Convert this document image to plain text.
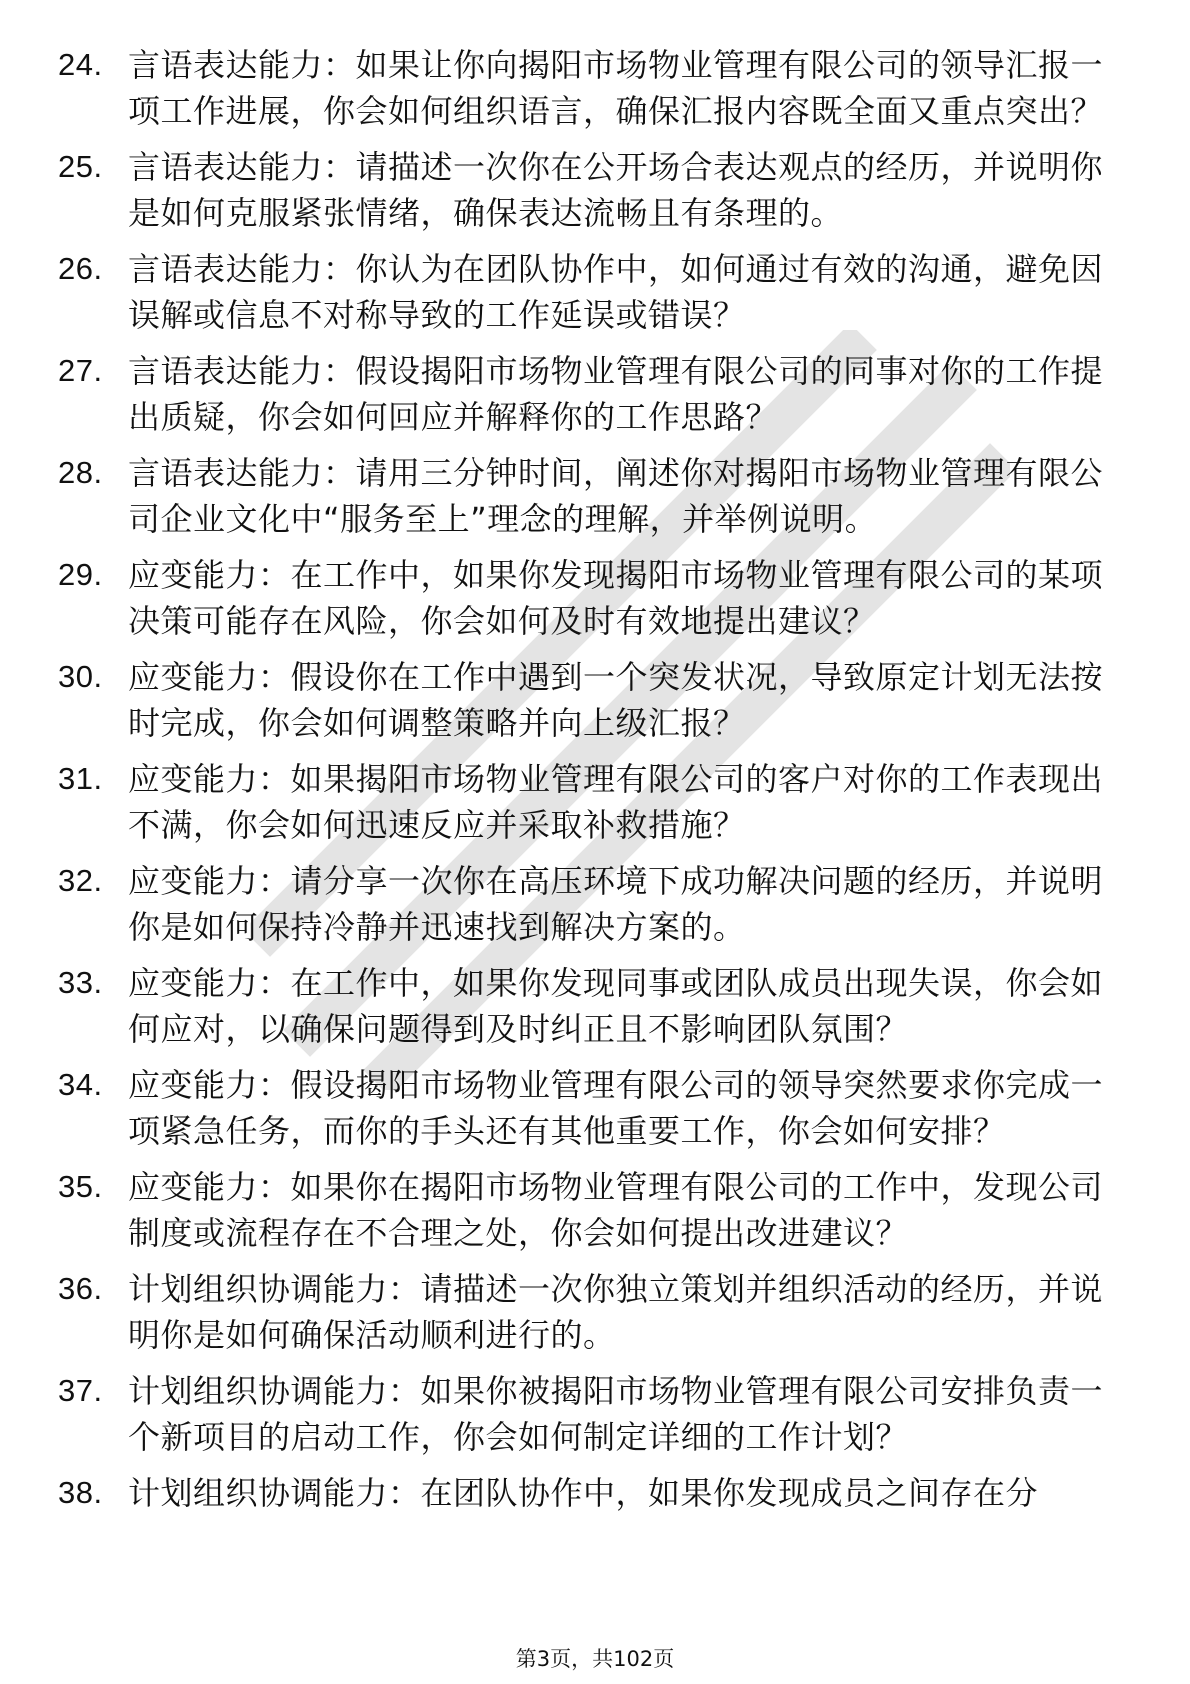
24. 言语表达能力：如果让你向揭阳市场物业管理有限公司的领导汇报一项工作进展，你会如何组织语言，确保汇报内容既全面又重点突出？
25. 言语表达能力：请描述一次你在公开场合表达观点的经历，并说明你是如何克服紧张情绪，确保表达流畅且有条理的。
26. 言语表达能力：你认为在团队协作中，如何通过有效的沟通，避免因误解或信息不对称导致的工作延误或错误？
27. 言语表达能力：假设揭阳市场物业管理有限公司的同事对你的工作提出质疑，你会如何回应并解释你的工作思路？
28. 言语表达能力：请用三分钟时间，阐述你对揭阳市场物业管理有限公司企业文化中“服务至上”理念的理解，并举例说明。
29. 应变能力：在工作中，如果你发现揭阳市场物业管理有限公司的某项决策可能存在风险，你会如何及时有效地提出建议？
30. 应变能力：假设你在工作中遇到一个突发状况，导致原定计划无法按时完成，你会如何调整策略并向上级汇报？
31. 应变能力：如果揭阳市场物业管理有限公司的客户对你的工作表现出不满，你会如何迅速反应并采取补救措施？
32. 应变能力：请分享一次你在高压环境下成功解决问题的经历，并说明你是如何保持冷静并迅速找到解决方案的。
33. 应变能力：在工作中，如果你发现同事或团队成员出现失误，你会如何应对，以确保问题得到及时纠正且不影响团队氛围？
34. 应变能力：假设揭阳市场物业管理有限公司的领导突然要求你完成一项紧急任务，而你的手头还有其他重要工作，你会如何安排？
35. 应变能力：如果你在揭阳市场物业管理有限公司的工作中，发现公司制度或流程存在不合理之处，你会如何提出改进建议？
36. 计划组织协调能力：请描述一次你独立策划并组织活动的经历，并说明你是如何确保活动顺利进行的。
37. 计划组织协调能力：如果你被揭阳市场物业管理有限公司安排负责一个新项目的启动工作，你会如何制定详细的工作计划？
38. 计划组织协调能力：在团队协作中，如果你发现成员之间存在分
第3页，共102页
